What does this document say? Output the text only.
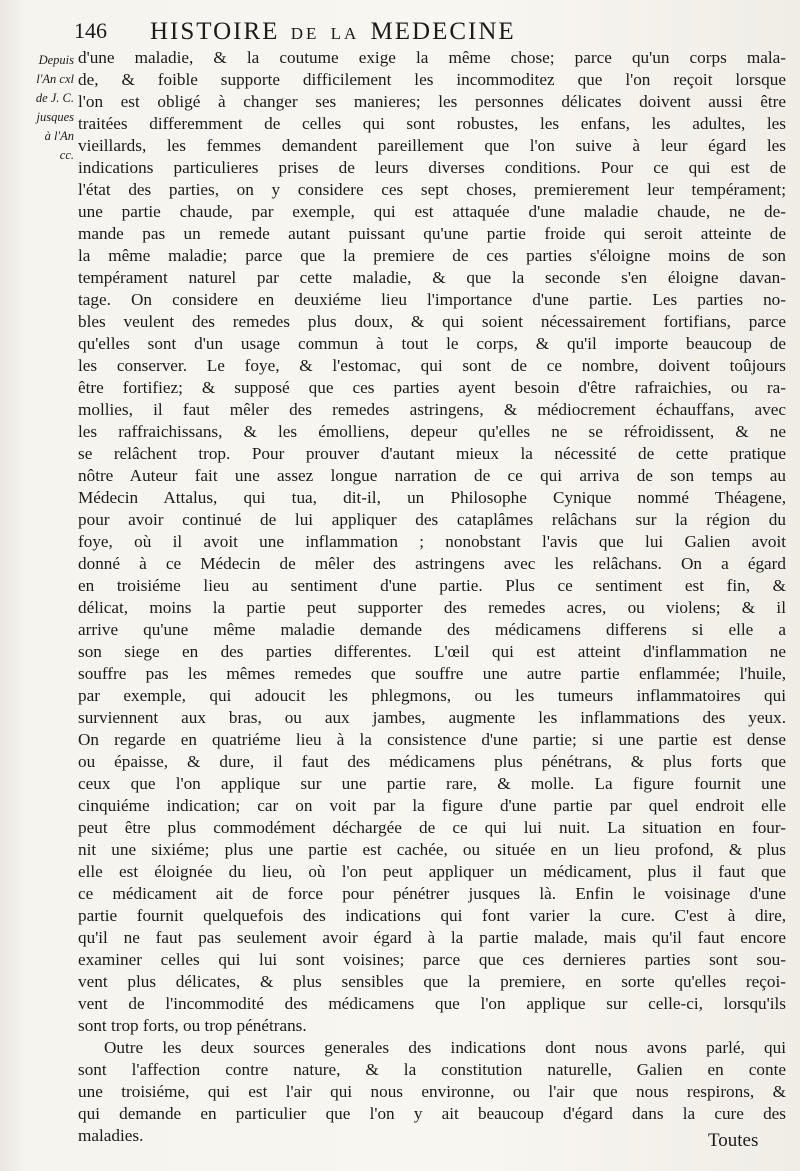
146 HISTOIRE DE LA MEDECINE
Depuis
l'An cxl
de J. C.
jusques
à l'An
cc.
d'une maladie, & la coutume exige la même chose; parce qu'un corps mala-
de, & foible supporte difficilement les incommoditez que l'on reçoit lorsque
l'on est obligé à changer ses manieres; les personnes délicates doivent aussi être
traitées differemment de celles qui sont robustes, les enfans, les adultes, les
vieillards, les femmes demandent pareillement que l'on suive à leur égard les
indications particulieres prises de leurs diverses conditions. Pour ce qui est de
l'état des parties, on y considere ces sept choses, premierement leur tempérament;
une partie chaude, par exemple, qui est attaquée d'une maladie chaude, ne de-
mande pas un remede autant puissant qu'une partie froide qui seroit atteinte de
la même maladie; parce que la premiere de ces parties s'éloigne moins de son
tempérament naturel par cette maladie, & que la seconde s'en éloigne davan-
tage. On considere en deuxiéme lieu l'importance d'une partie. Les parties no-
bles veulent des remedes plus doux, & qui soient nécessairement fortifians, parce
qu'elles sont d'un usage commun à tout le corps, & qu'il importe beaucoup de
les conserver. Le foye, & l'estomac, qui sont de ce nombre, doivent toûjours
être fortifiez; & supposé que ces parties ayent besoin d'être rafraichies, ou ra-
mollies, il faut mêler des remedes astringens, & médiocrement échauffans, avec
les raffraichissans, & les émolliens, depeur qu'elles ne se réfroidissent, & ne
se relâchent trop. Pour prouver d'autant mieux la nécessité de cette pratique
nôtre Auteur fait une assez longue narration de ce qui arriva de son temps au
Médecin Attalus, qui tua, dit-il, un Philosophe Cynique nommé Théagene,
pour avoir continué de lui appliquer des cataplâmes relâchans sur la région du
foye, où il avoit une inflammation ; nonobstant l'avis que lui Galien avoit
donné à ce Médecin de mêler des astringens avec les relâchans. On a égard
en troisiéme lieu au sentiment d'une partie. Plus ce sentiment est fin, &
délicat, moins la partie peut supporter des remedes acres, ou violens; & il
arrive qu'une même maladie demande des médicamens differens si elle a
son siege en des parties differentes. L'œil qui est atteint d'inflammation ne
souffre pas les mêmes remedes que souffre une autre partie enflammée; l'huile,
par exemple, qui adoucit les phlegmons, ou les tumeurs inflammatoires qui
surviennent aux bras, ou aux jambes, augmente les inflammations des yeux.
On regarde en quatriéme lieu à la consistence d'une partie; si une partie est dense
ou épaisse, & dure, il faut des médicamens plus pénétrans, & plus forts que
ceux que l'on applique sur une partie rare, & molle. La figure fournit une
cinquiéme indication; car on voit par la figure d'une partie par quel endroit elle
peut être plus commodément déchargée de ce qui lui nuit. La situation en four-
nit une sixiéme; plus une partie est cachée, ou située en un lieu profond, & plus
elle est éloignée du lieu, où l'on peut appliquer un médicament, plus il faut que
ce médicament ait de force pour pénétrer jusques là. Enfin le voisinage d'une
partie fournit quelquefois des indications qui font varier la cure. C'est à dire,
qu'il ne faut pas seulement avoir égard à la partie malade, mais qu'il faut encore
examiner celles qui lui sont voisines; parce que ces dernieres parties sont sou-
vent plus délicates, & plus sensibles que la premiere, en sorte qu'elles reçoi-
vent de l'incommodité des médicamens que l'on applique sur celle-ci, lorsqu'ils
sont trop forts, ou trop pénétrans.
Outre les deux sources generales des indications dont nous avons parlé, qui
sont l'affection contre nature, & la constitution naturelle, Galien en conte
une troisiéme, qui est l'air qui nous environne, ou l'air que nous respirons, &
qui demande en particulier que l'on y ait beaucoup d'égard dans la cure des
maladies.	Toutes
